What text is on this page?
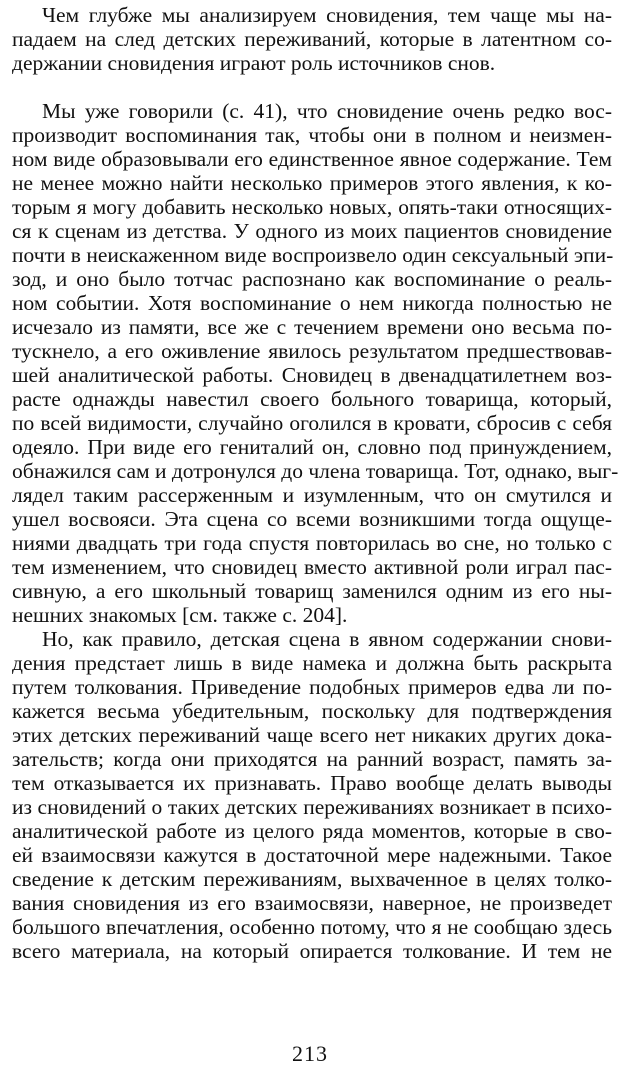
Чем глубже мы анализируем сновидения, тем чаще мы на-
падаем на след детских переживаний, которые в латентном со-
держании сновидения играют роль источников снов.
Мы уже говорили (с. 41), что сновидение очень редко вос-
производит воспоминания так, чтобы они в полном и неизмен-
ном виде образовывали его единственное явное содержание. Тем
не менее можно найти несколько примеров этого явления, к ко-
торым я могу добавить несколько новых, опять-таки относящих-
ся к сценам из детства. У одного из моих пациентов сновидение
почти в неискаженном виде воспроизвело один сексуальный эпи-
зод, и оно было тотчас распознано как воспоминание о реаль-
ном событии. Хотя воспоминание о нем никогда полностью не
исчезало из памяти, все же с течением времени оно весьма по-
тускнело, а его оживление явилось результатом предшествовав-
шей аналитической работы. Сновидец в двенадцатилетнем воз-
расте однажды навестил своего больного товарища, который,
по всей видимости, случайно оголился в кровати, сбросив с себя
одеяло. При виде его гениталий он, словно под принуждением,
обнажился сам и дотронулся до члена товарища. Тот, однако, выг-
лядел таким рассерженным и изумленным, что он смутился и
ушел восвояси. Эта сцена со всеми возникшими тогда ощуще-
ниями двадцать три года спустя повторилась во сне, но только с
тем изменением, что сновидец вместо активной роли играл пас-
сивную, а его школьный товарищ заменился одним из его ны-
нешних знакомых [см. также с. 204].
Но, как правило, детская сцена в явном содержании снови-
дения предстает лишь в виде намека и должна быть раскрыта
путем толкования. Приведение подобных примеров едва ли по-
кажется весьма убедительным, поскольку для подтверждения
этих детских переживаний чаще всего нет никаких других дока-
зательств; когда они приходятся на ранний возраст, память за-
тем отказывается их признавать. Право вообще делать выводы
из сновидений о таких детских переживаниях возникает в психо-
аналитической работе из целого ряда моментов, которые в сво-
ей взаимосвязи кажутся в достаточной мере надежными. Такое
сведение к детским переживаниям, выхваченное в целях толко-
вания сновидения из его взаимосвязи, наверное, не произведет
большого впечатления, особенно потому, что я не сообщаю здесь
всего материала, на который опирается толкование. И тем не
213
